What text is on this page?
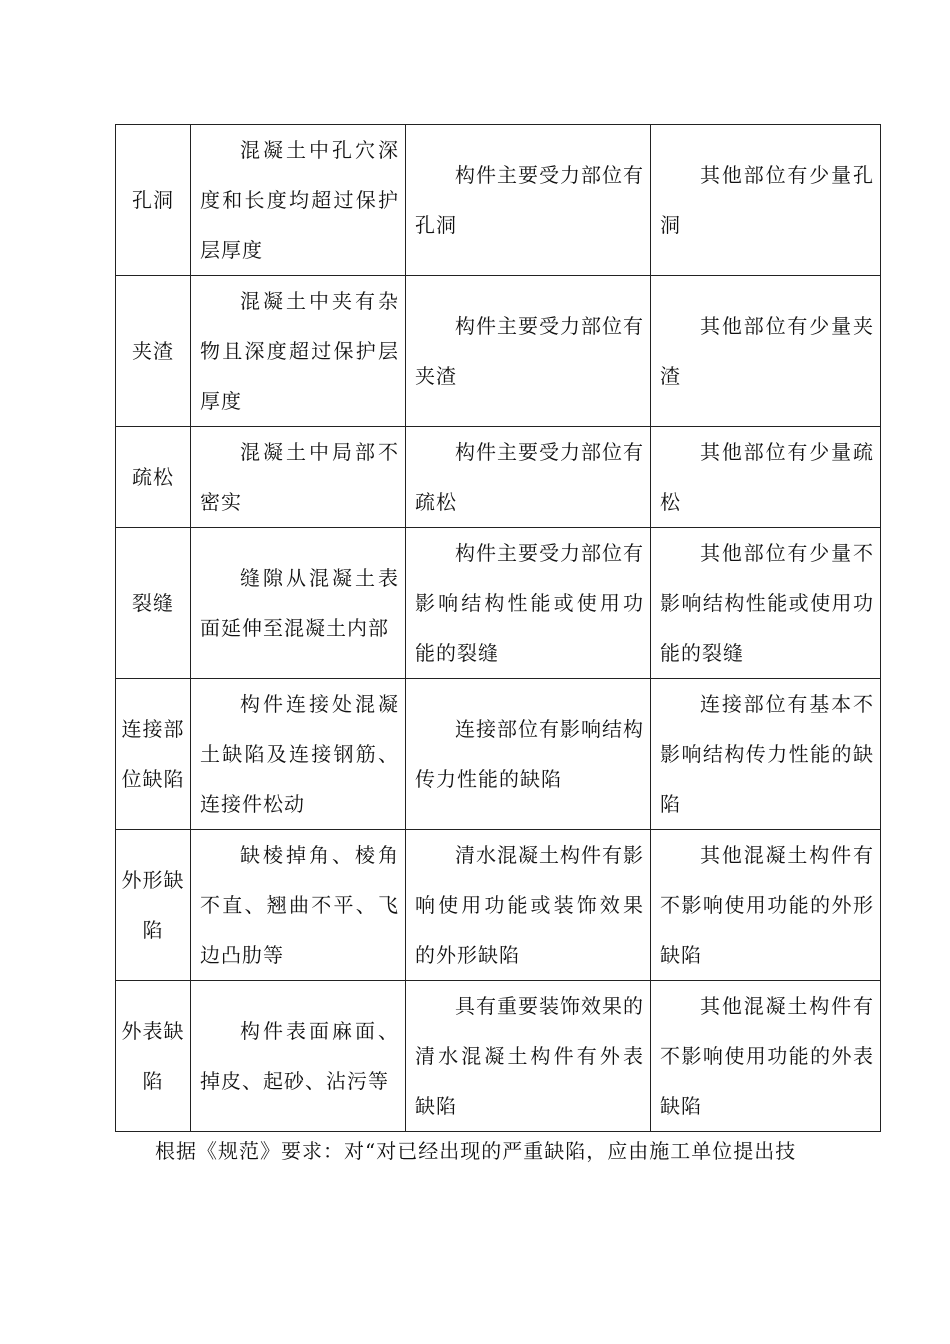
孔洞	混凝土中孔穴深度和长度均超过保护层厚度	构件主要受力部位有孔洞	其他部位有少量孔洞
夹渣	混凝土中夹有杂物且深度超过保护层厚度	构件主要受力部位有夹渣	其他部位有少量夹渣
疏松	混凝土中局部不密实	构件主要受力部位有疏松	其他部位有少量疏松
裂缝	缝隙从混凝土表面延伸至混凝土内部	构件主要受力部位有影响结构性能或使用功能的裂缝	其他部位有少量不影响结构性能或使用功能的裂缝
连接部位缺陷	构件连接处混凝土缺陷及连接钢筋、连接件松动	连接部位有影响结构传力性能的缺陷	连接部位有基本不影响结构传力性能的缺陷
外形缺陷	缺棱掉角、棱角不直、翘曲不平、飞边凸肋等	清水混凝土构件有影响使用功能或装饰效果的外形缺陷	其他混凝土构件有不影响使用功能的外形缺陷
外表缺陷	构件表面麻面、掉皮、起砂、沾污等	具有重要装饰效果的清水混凝土构件有外表缺陷	其他混凝土构件有不影响使用功能的外表缺陷
根据《规范》要求：对“对已经出现的严重缺陷，应由施工单位提出技
